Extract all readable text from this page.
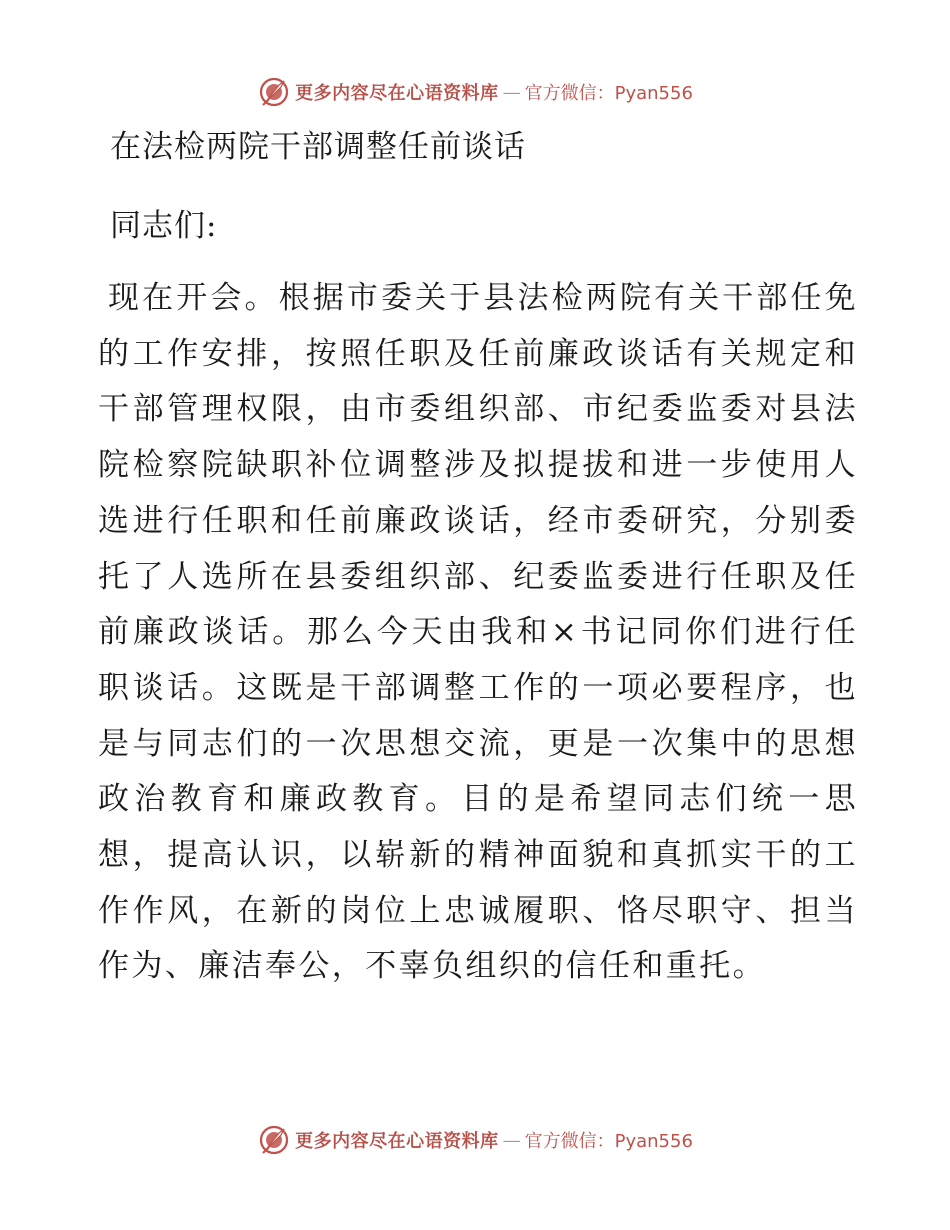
更多内容尽在心语资料库 — 官方微信：Pyan556
在法检两院干部调整任前谈话

同志们:

现在开会。根据市委关于县法检两院有关干部任免的工作安排，按照任职及任前廉政谈话有关规定和干部管理权限，由市委组织部、市纪委监委对县法院检察院缺职补位调整涉及拟提拔和进一步使用人选进行任职和任前廉政谈话，经市委研究，分别委托了人选所在县委组织部、纪委监委进行任职及任前廉政谈话。那么今天由我和×书记同你们进行任职谈话。这既是干部调整工作的一项必要程序，也是与同志们的一次思想交流，更是一次集中的思想政治教育和廉政教育。目的是希望同志们统一思想，提高认识，以崭新的精神面貌和真抓实干的工作作风，在新的岗位上忠诚履职、恪尽职守、担当作为、廉洁奉公，不辜负组织的信任和重托。

更多内容尽在心语资料库 — 官方微信：Pyan556
